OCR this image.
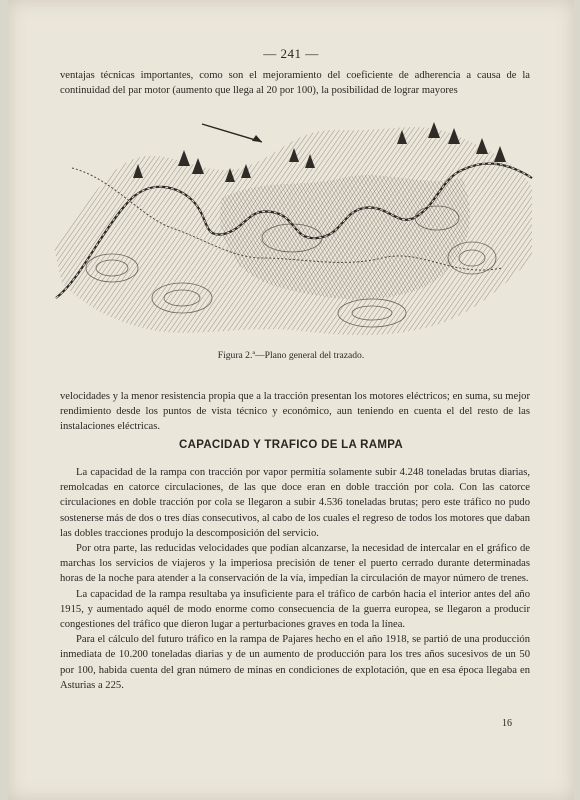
— 241 —

ventajas técnicas importantes, como son el mejoramiento del coeficiente de adherencia a causa de la continuidad del par motor (aumento que llega al 20 por 100), la posibilidad de lograr mayores

Figura 2.ª—Plano general del trazado.

velocidades y la menor resistencia propia que a la tracción presentan los motores eléctricos; en suma, su mejor rendimiento desde los puntos de vista técnico y económico, aun teniendo en cuenta el del resto de las instalaciones eléctricas.

CAPACIDAD Y TRAFICO DE LA RAMPA

La capacidad de la rampa con tracción por vapor permitía solamente subir 4.248 toneladas brutas diarias, remolcadas en catorce circulaciones, de las que doce eran en doble tracción por cola. Con las catorce circulaciones en doble tracción por cola se llegaron a subir 4.536 toneladas brutas; pero este tráfico no pudo sostenerse más de dos o tres días consecutivos, al cabo de los cuales el regreso de todos los motores que daban las dobles tracciones produjo la descomposición del servicio.

Por otra parte, las reducidas velocidades que podían alcanzarse, la necesidad de intercalar en el gráfico de marchas los servicios de viajeros y la imperiosa precisión de tener el puerto cerrado durante determinadas horas de la noche para atender a la conservación de la vía, impedían la circulación de mayor número de trenes.

La capacidad de la rampa resultaba ya insuficiente para el tráfico de carbón hacia el interior antes del año 1915, y aumentado aquél de modo enorme como consecuencia de la guerra europea, se llegaron a producir congestiones del tráfico que dieron lugar a perturbaciones graves en toda la línea.

Para el cálculo del futuro tráfico en la rampa de Pajares hecho en el año 1918, se partió de una producción inmediata de 10.200 toneladas diarias y de un aumento de producción para los tres años sucesivos de un 50 por 100, habida cuenta del gran número de minas en condiciones de explotación, que en esa época llegaba en Asturias a 225.

16
